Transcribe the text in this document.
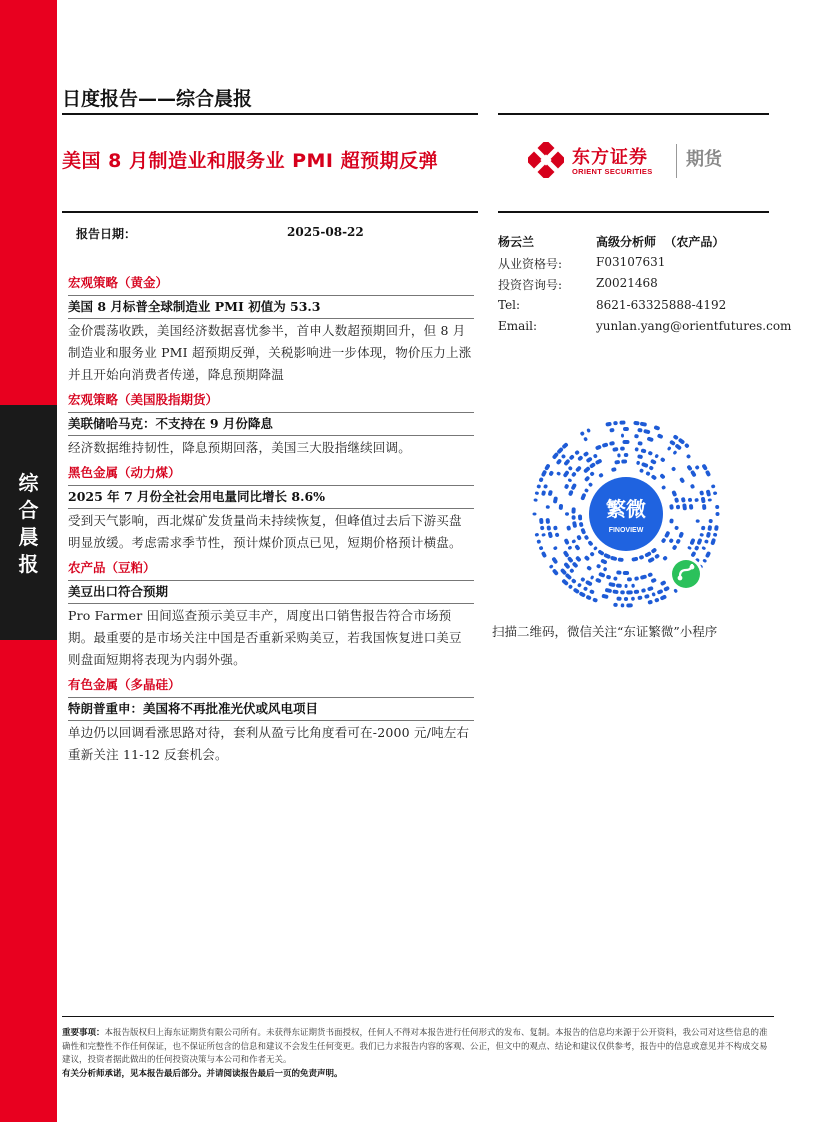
综
合
晨
报
日度报告——综合晨报
美国 8 月制造业和服务业 PMI 超预期反弹	东方证券
ORIENT SECURITIES
期货
报告日期：	2025-08-22
杨云兰	高级分析师 （农产品）
从业资格号:	F03107631
投资咨询号:	Z0021468
Tel:	8621-63325888-4192
Email:	yunlan.yang@orientfutures.com
宏观策略（黄金）
美国 8 月标普全球制造业 PMI 初值为 53.3
金价震荡收跌，美国经济数据喜忧参半，首申人数超预期回升，但 8 月制造业和服务业 PMI 超预期反弹，关税影响进一步体现，物价压力上涨并且开始向消费者传递，降息预期降温
宏观策略（美国股指期货）
美联储哈马克：不支持在 9 月份降息
经济数据维持韧性，降息预期回落，美国三大股指继续回调。
黑色金属（动力煤）
2025 年 7 月份全社会用电量同比增长 8.6%
受到天气影响，西北煤矿发货量尚未持续恢复，但峰值过去后下游买盘明显放缓。考虑需求季节性，预计煤价顶点已见，短期价格预计横盘。
农产品（豆粕）
美豆出口符合预期
Pro Farmer 田间巡查预示美豆丰产，周度出口销售报告符合市场预期。最重要的是市场关注中国是否重新采购美豆，若我国恢复进口美豆则盘面短期将表现为内弱外强。
有色金属（多晶硅）
特朗普重申：美国将不再批准光伏或风电项目
单边仍以回调看涨思路对待，套利从盈亏比角度看可在-2000 元/吨左右重新关注 11-12 反套机会。
繁微
FINOVIEW
扫描二维码，微信关注“东证繁微”小程序
重要事项：本报告版权归上海东证期货有限公司所有。未获得东证期货书面授权，任何人不得对本报告进行任何形式的发布、复制。本报告的信息均来源于公开资料，我公司对这些信息的准确性和完整性不作任何保证，也不保证所包含的信息和建议不会发生任何变更。我们已力求报告内容的客观、公正，但文中的观点、结论和建议仅供参考，报告中的信息或意见并不构成交易建议，投资者据此做出的任何投资决策与本公司和作者无关。
有关分析师承诺，见本报告最后部分。并请阅读报告最后一页的免责声明。
